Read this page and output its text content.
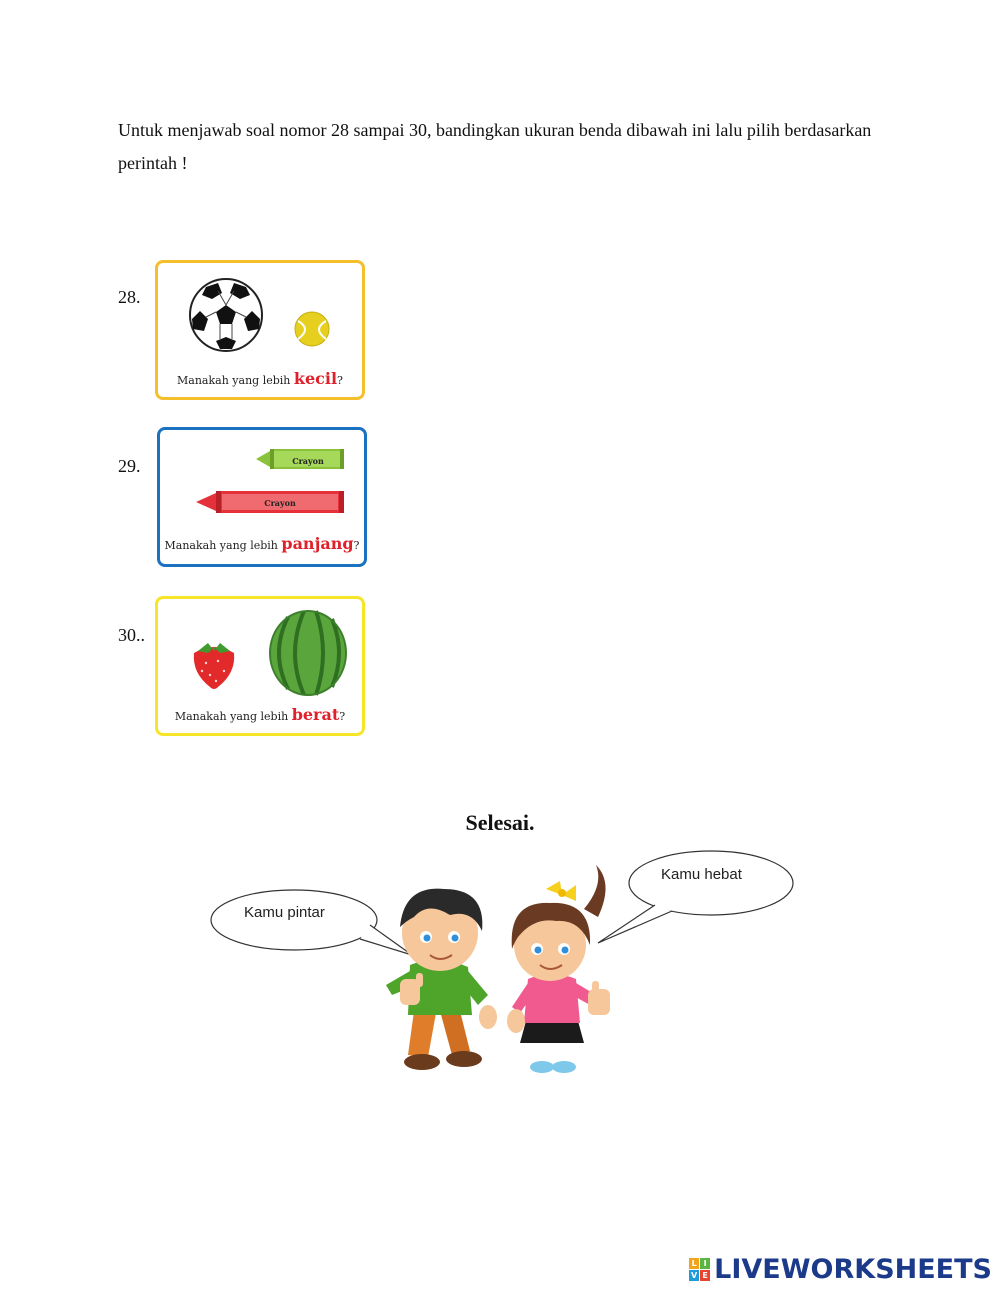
Untuk menjawab soal nomor 28 sampai 30, bandingkan ukuran benda dibawah ini lalu pilih berdasarkan perintah !

28.
Manakah yang lebih kecil?
29.	Crayon
Crayon
Manakah yang lebih panjang?
30..
Manakah yang lebih berat?
Selesai.
Kamu pintar
Kamu hebat
L I
V E LIVEWORKSHEETS
